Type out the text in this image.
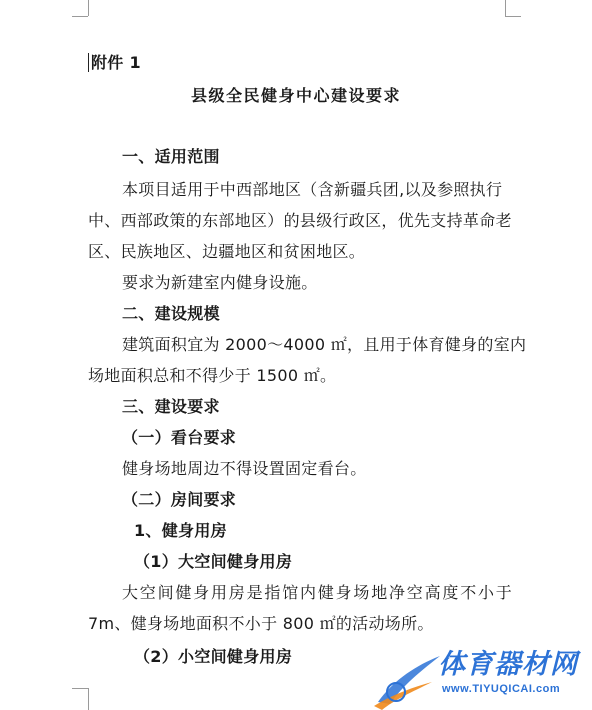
附件 1
县级全民健身中心建设要求
一、适用范围
本项目适用于中西部地区（含新疆兵团,以及参照执行
中、西部政策的东部地区）的县级行政区，优先支持革命老
区、民族地区、边疆地区和贫困地区。
要求为新建室内健身设施。
二、建设规模
建筑面积宜为 2000～4000 ㎡，且用于体育健身的室内
场地面积总和不得少于 1500 ㎡。
三、建设要求
（一）看台要求
健身场地周边不得设置固定看台。
（二）房间要求
1、健身用房
（1）大空间健身用房
大空间健身用房是指馆内健身场地净空高度不小于
7m、健身场地面积不小于 800 ㎡的活动场所。
（2）小空间健身用房	体育器材网
www.TIYUQICAI.com
